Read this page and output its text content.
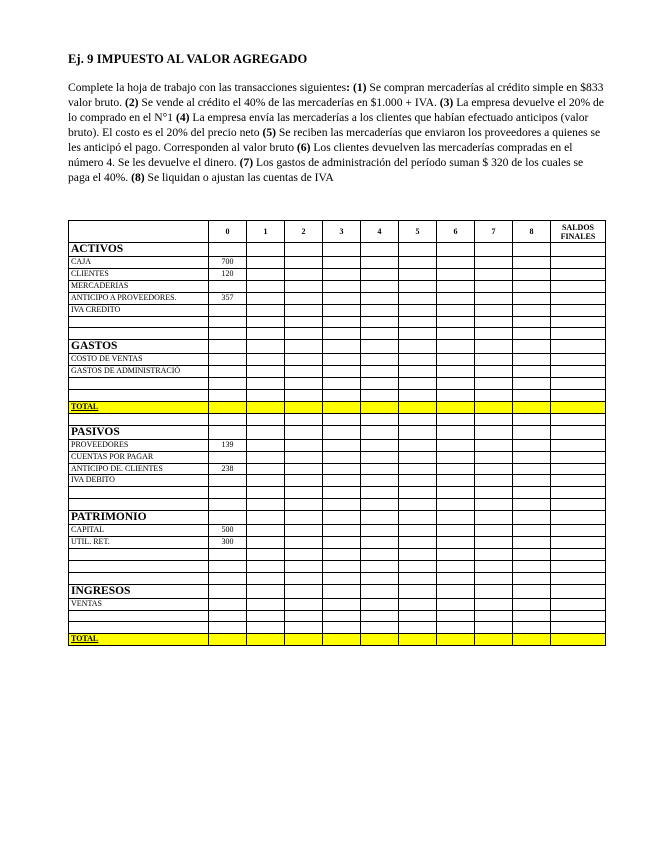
Ej. 9 IMPUESTO AL VALOR AGREGADO

Complete la hoja de trabajo con las transacciones siguientes: (1) Se compran mercaderías al crédito simple en $833 valor bruto. (2) Se vende al crédito el 40% de las mercaderías en $1.000 + IVA. (3) La empresa devuelve el 20% de lo comprado en el N°1 (4) La empresa envía las mercaderías a los clientes que habían efectuado anticipos (valor bruto). El costo es el 20% del precio neto (5) Se reciben las mercaderías que enviaron los proveedores a quienes se les anticipó el pago. Corresponden al valor bruto (6) Los clientes devuelven las mercaderías compradas en el número 4. Se les devuelve el dinero. (7) Los gastos de administración del período suman $ 320 de los cuales se paga el 40%. (8) Se liquidan o ajustan las cuentas de IVA

	0	1	2	3	4	5	6	7	8	SALDOS
FINALES
ACTIVOS										
CAJA	700									
CLIENTES	120									
MERCADERIAS										
ANTICIPO A PROVEEDORES.	357									
IVA CREDITO										

GASTOS										
COSTO DE VENTAS										
GASTOS DE ADMINISTRACIÓ										

TOTAL										

PASIVOS										
PROVEEDORES	139									
CUENTAS POR PAGAR										
ANTICIPO DE. CLIENTES	238									
IVA DEBITO										

PATRIMONIO										
CAPITAL	500									
UTIL. RET.	300									

INGRESOS										
VENTAS										

TOTAL										
